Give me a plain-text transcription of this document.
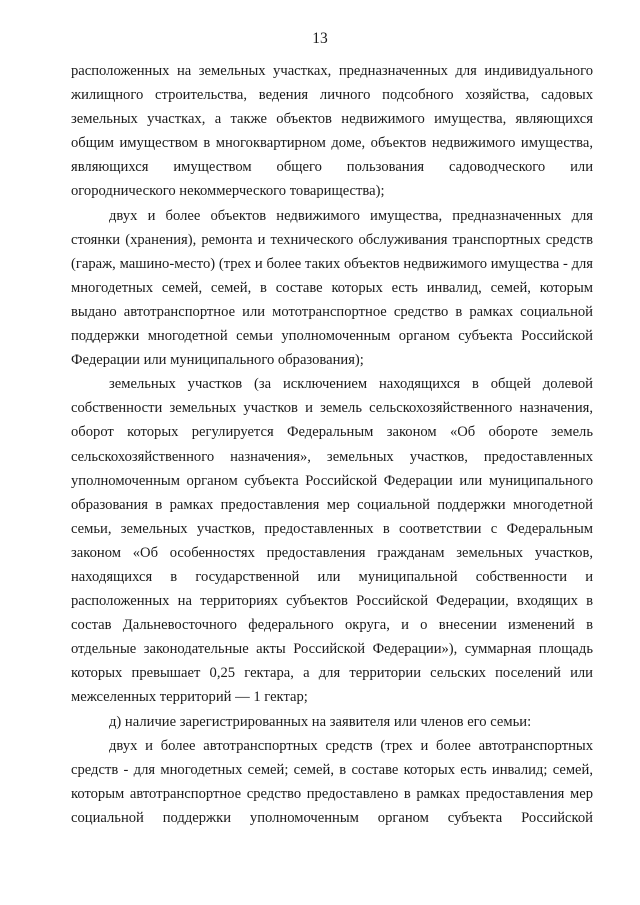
13

расположенных на земельных участках, предназначенных для индивидуального жилищного строительства, ведения личного подсобного хозяйства, садовых земельных участках, а также объектов недвижимого имущества, являющихся общим имуществом в многоквартирном доме, объектов недвижимого имущества, являющихся имуществом общего пользования садоводческого или огороднического некоммерческого товарищества);

двух и более объектов недвижимого имущества, предназначенных для стоянки (хранения), ремонта и технического обслуживания транспортных средств (гараж, машино-место) (трех и более таких объектов недвижимого имущества - для многодетных семей, семей, в составе которых есть инвалид, семей, которым выдано автотранспортное или мототранспортное средство в рамках социальной поддержки многодетной семьи уполномоченным органом субъекта Российской Федерации или муниципального образования);

земельных участков (за исключением находящихся в общей долевой собственности земельных участков и земель сельскохозяйственного назначения, оборот которых регулируется Федеральным законом «Об обороте земель сельскохозяйственного назначения», земельных участков, предоставленных уполномоченным органом субъекта Российской Федерации или муниципального образования в рамках предоставления мер социальной поддержки многодетной семьи, земельных участков, предоставленных в соответствии с Федеральным законом «Об особенностях предоставления гражданам земельных участков, находящихся в государственной или муниципальной собственности и расположенных на территориях субъектов Российской Федерации, входящих в состав Дальневосточного федерального округа, и о внесении изменений в отдельные законодательные акты Российской Федерации»), суммарная площадь которых превышает 0,25 гектара, а для территории сельских поселений или межселенных территорий — 1 гектар;

д) наличие зарегистрированных на заявителя или членов его семьи:

двух и более автотранспортных средств (трех и более автотранспортных средств - для многодетных семей; семей, в составе которых есть инвалид; семей, которым автотранспортное средство предоставлено в рамках предоставления мер социальной поддержки уполномоченным органом субъекта Российской
